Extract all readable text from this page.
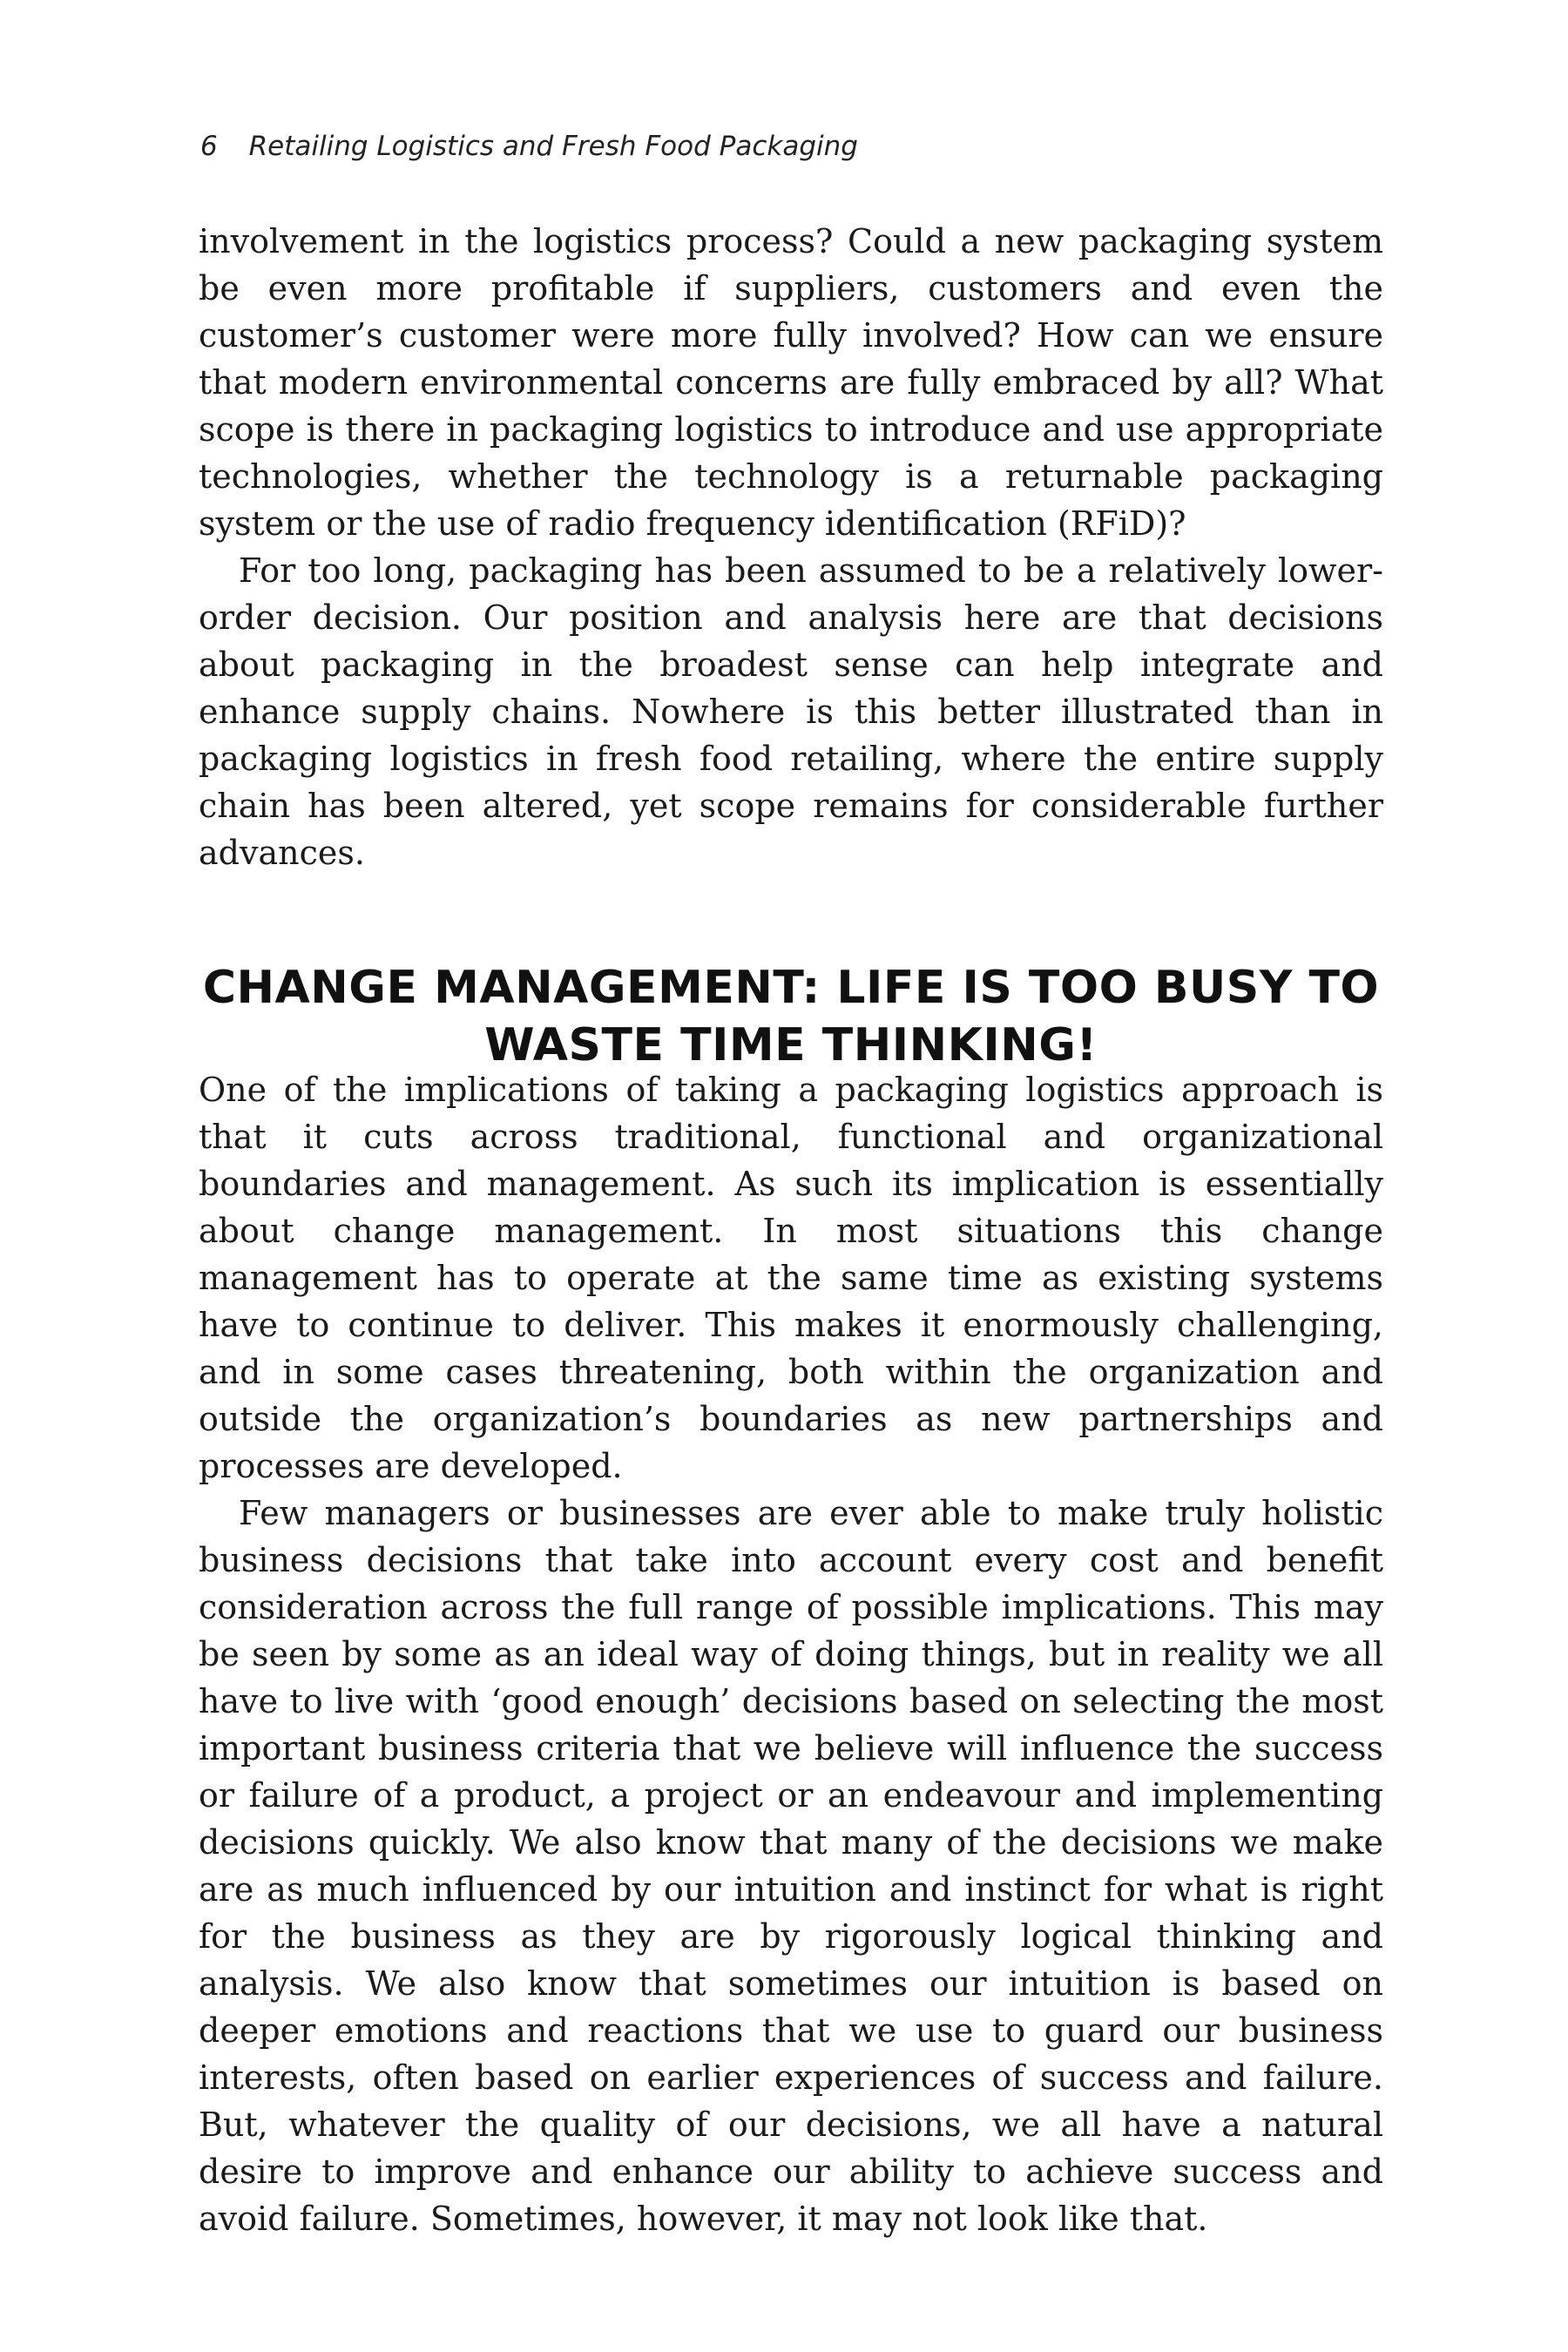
6 Retailing Logistics and Fresh Food Packaging

involvement in the logistics process? Could a new packaging system be even more profitable if suppliers, customers and even the customer’s customer were more fully involved? How can we ensure that modern environmental concerns are fully embraced by all? What scope is there in packaging logistics to introduce and use appropriate technologies, whether the technology is a returnable packaging system or the use of radio frequency identification (RFiD)?

For too long, packaging has been assumed to be a relatively lower-order decision. Our position and analysis here are that decisions about packaging in the broadest sense can help integrate and enhance supply chains. Nowhere is this better illustrated than in packaging logistics in fresh food retailing, where the entire supply chain has been altered, yet scope remains for considerable further advances.

CHANGE MANAGEMENT: LIFE IS TOO BUSY TO WASTE TIME THINKING!

One of the implications of taking a packaging logistics approach is that it cuts across traditional, functional and organizational boundaries and management. As such its implication is essentially about change management. In most situations this change management has to operate at the same time as existing systems have to continue to deliver. This makes it enormously challenging, and in some cases threatening, both within the organization and outside the organization’s boundaries as new partnerships and processes are developed.

Few managers or businesses are ever able to make truly holistic business decisions that take into account every cost and benefit consideration across the full range of possible implications. This may be seen by some as an ideal way of doing things, but in reality we all have to live with ‘good enough’ decisions based on selecting the most important business criteria that we believe will influence the success or failure of a product, a project or an endeavour and implementing decisions quickly. We also know that many of the decisions we make are as much influenced by our intuition and instinct for what is right for the business as they are by rigorously logical thinking and analysis. We also know that sometimes our intuition is based on deeper emotions and reactions that we use to guard our business interests, often based on earlier experiences of success and failure. But, whatever the quality of our decisions, we all have a natural desire to improve and enhance our ability to achieve success and avoid failure. Sometimes, however, it may not look like that.
